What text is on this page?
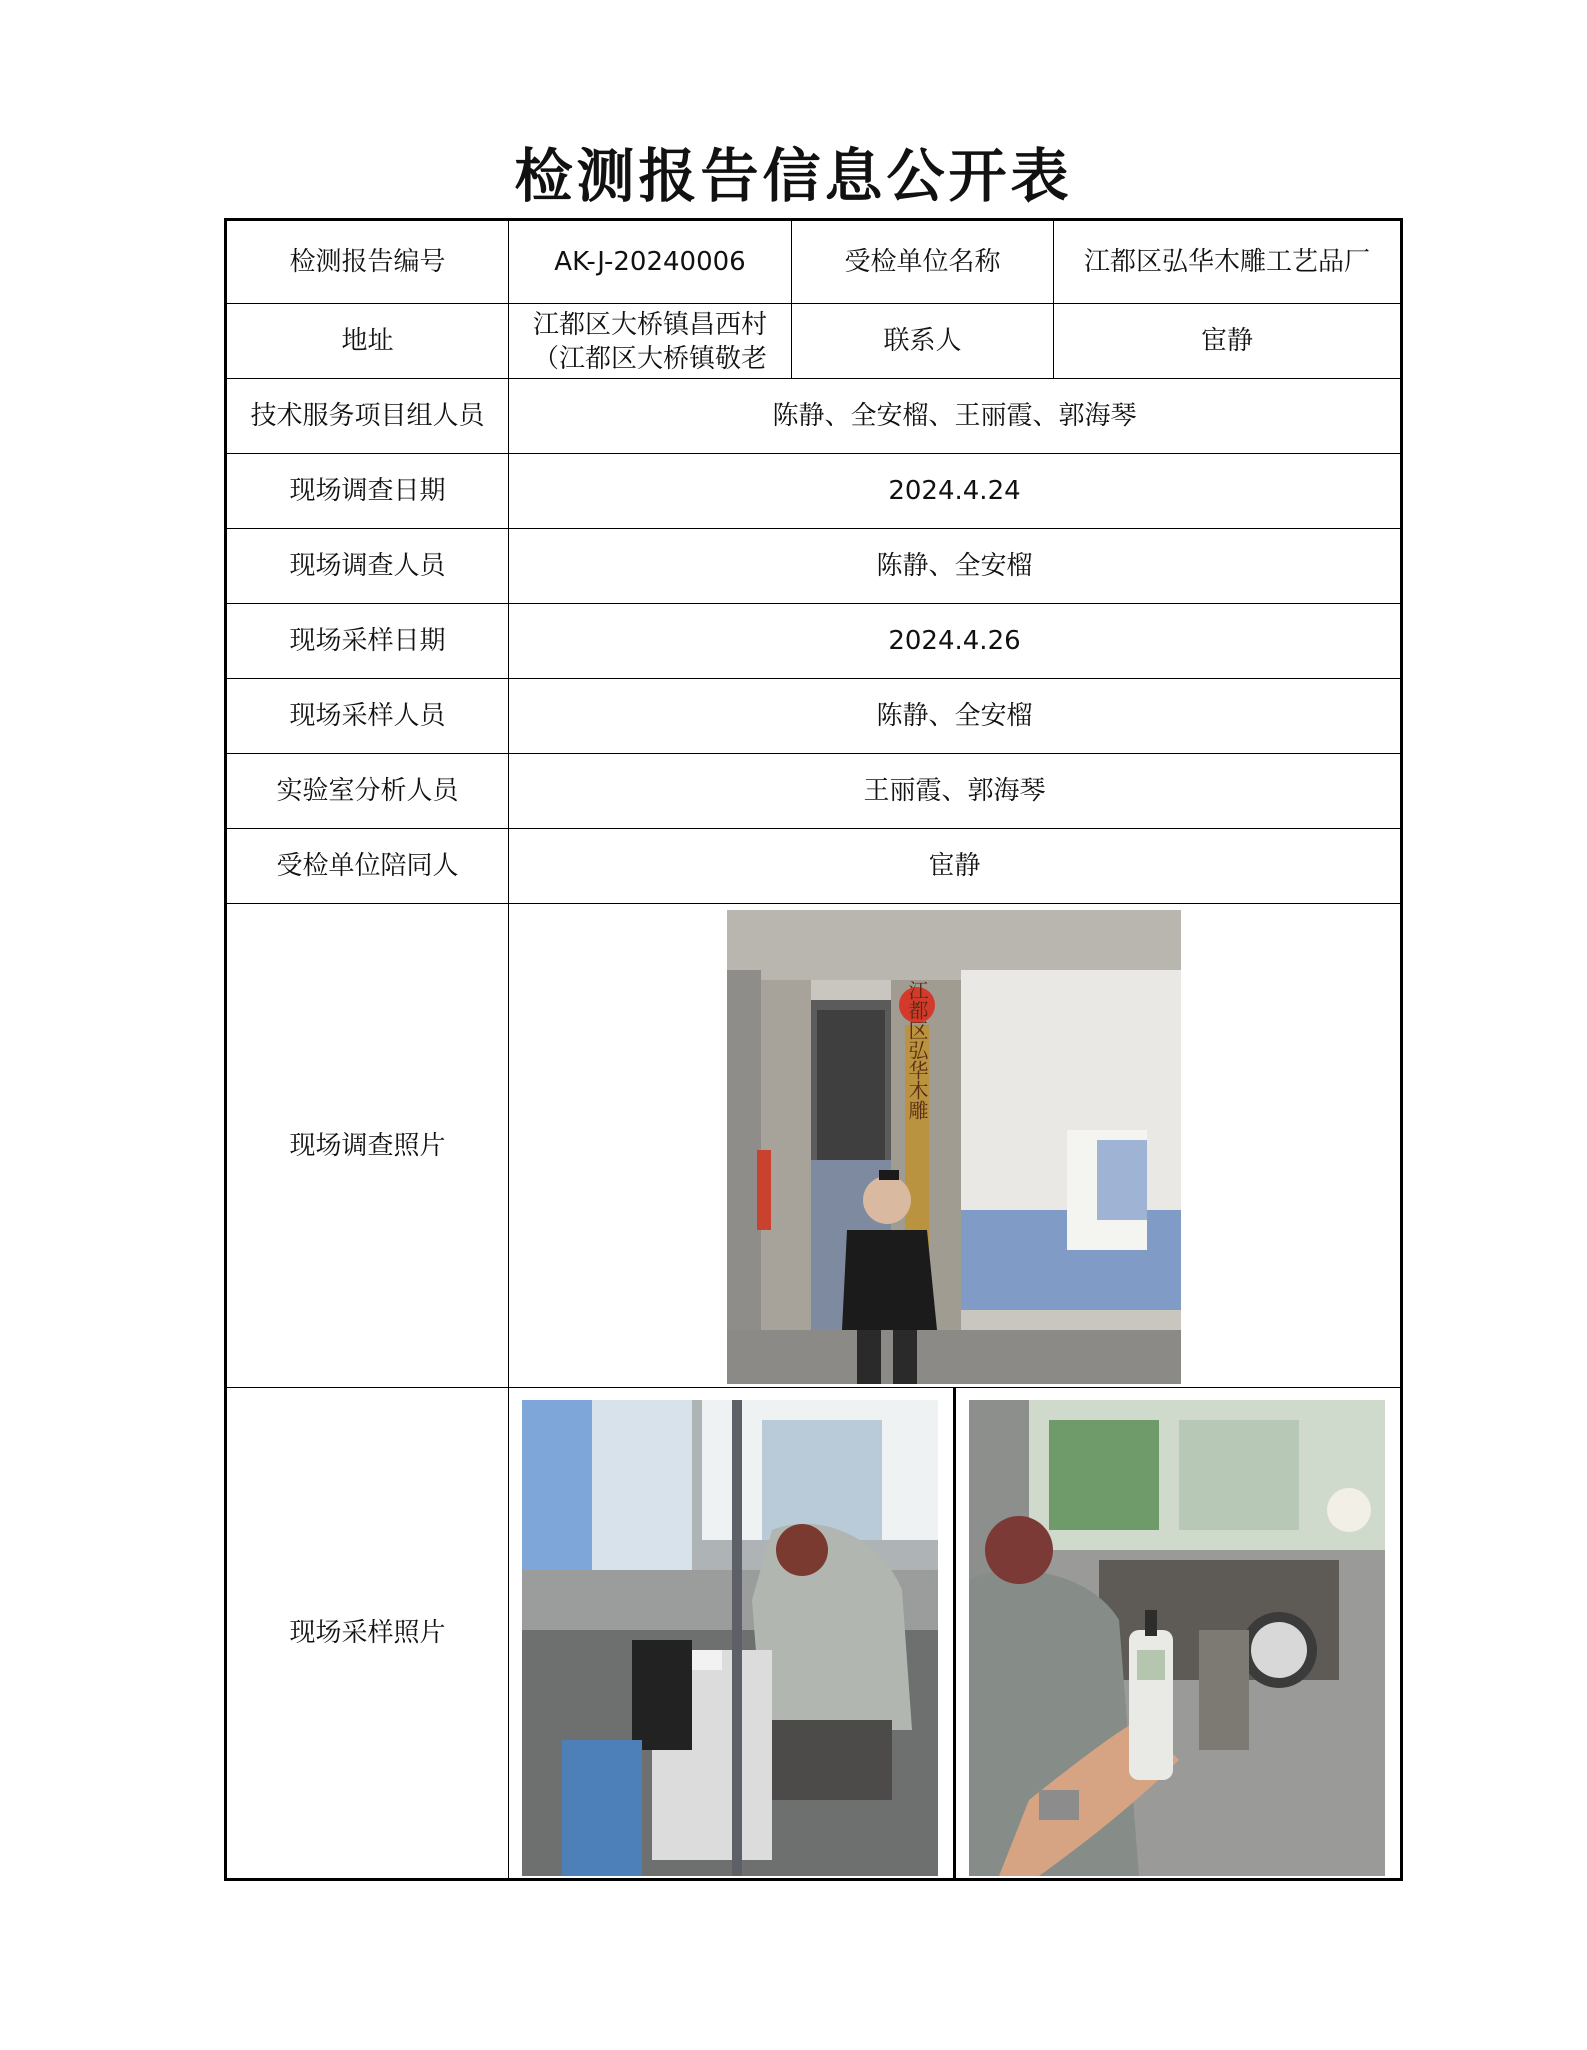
检测报告信息公开表
检测报告编号	AK-J-20240006	受检单位名称	江都区弘华木雕工艺品厂
地址	江都区大桥镇昌西村（江都区大桥镇敬老	联系人	宦静
技术服务项目组人员	陈静、全安榴、王丽霞、郭海琴		
现场调查日期	2024.4.24		
现场调查人员	陈静、全安榴		
现场采样日期	2024.4.26		
现场采样人员	陈静、全安榴		
实验室分析人员	王丽霞、郭海琴		
受检单位陪同人	宦静		
现场调查照片	江都区弘华木雕		

现场采样照片	
